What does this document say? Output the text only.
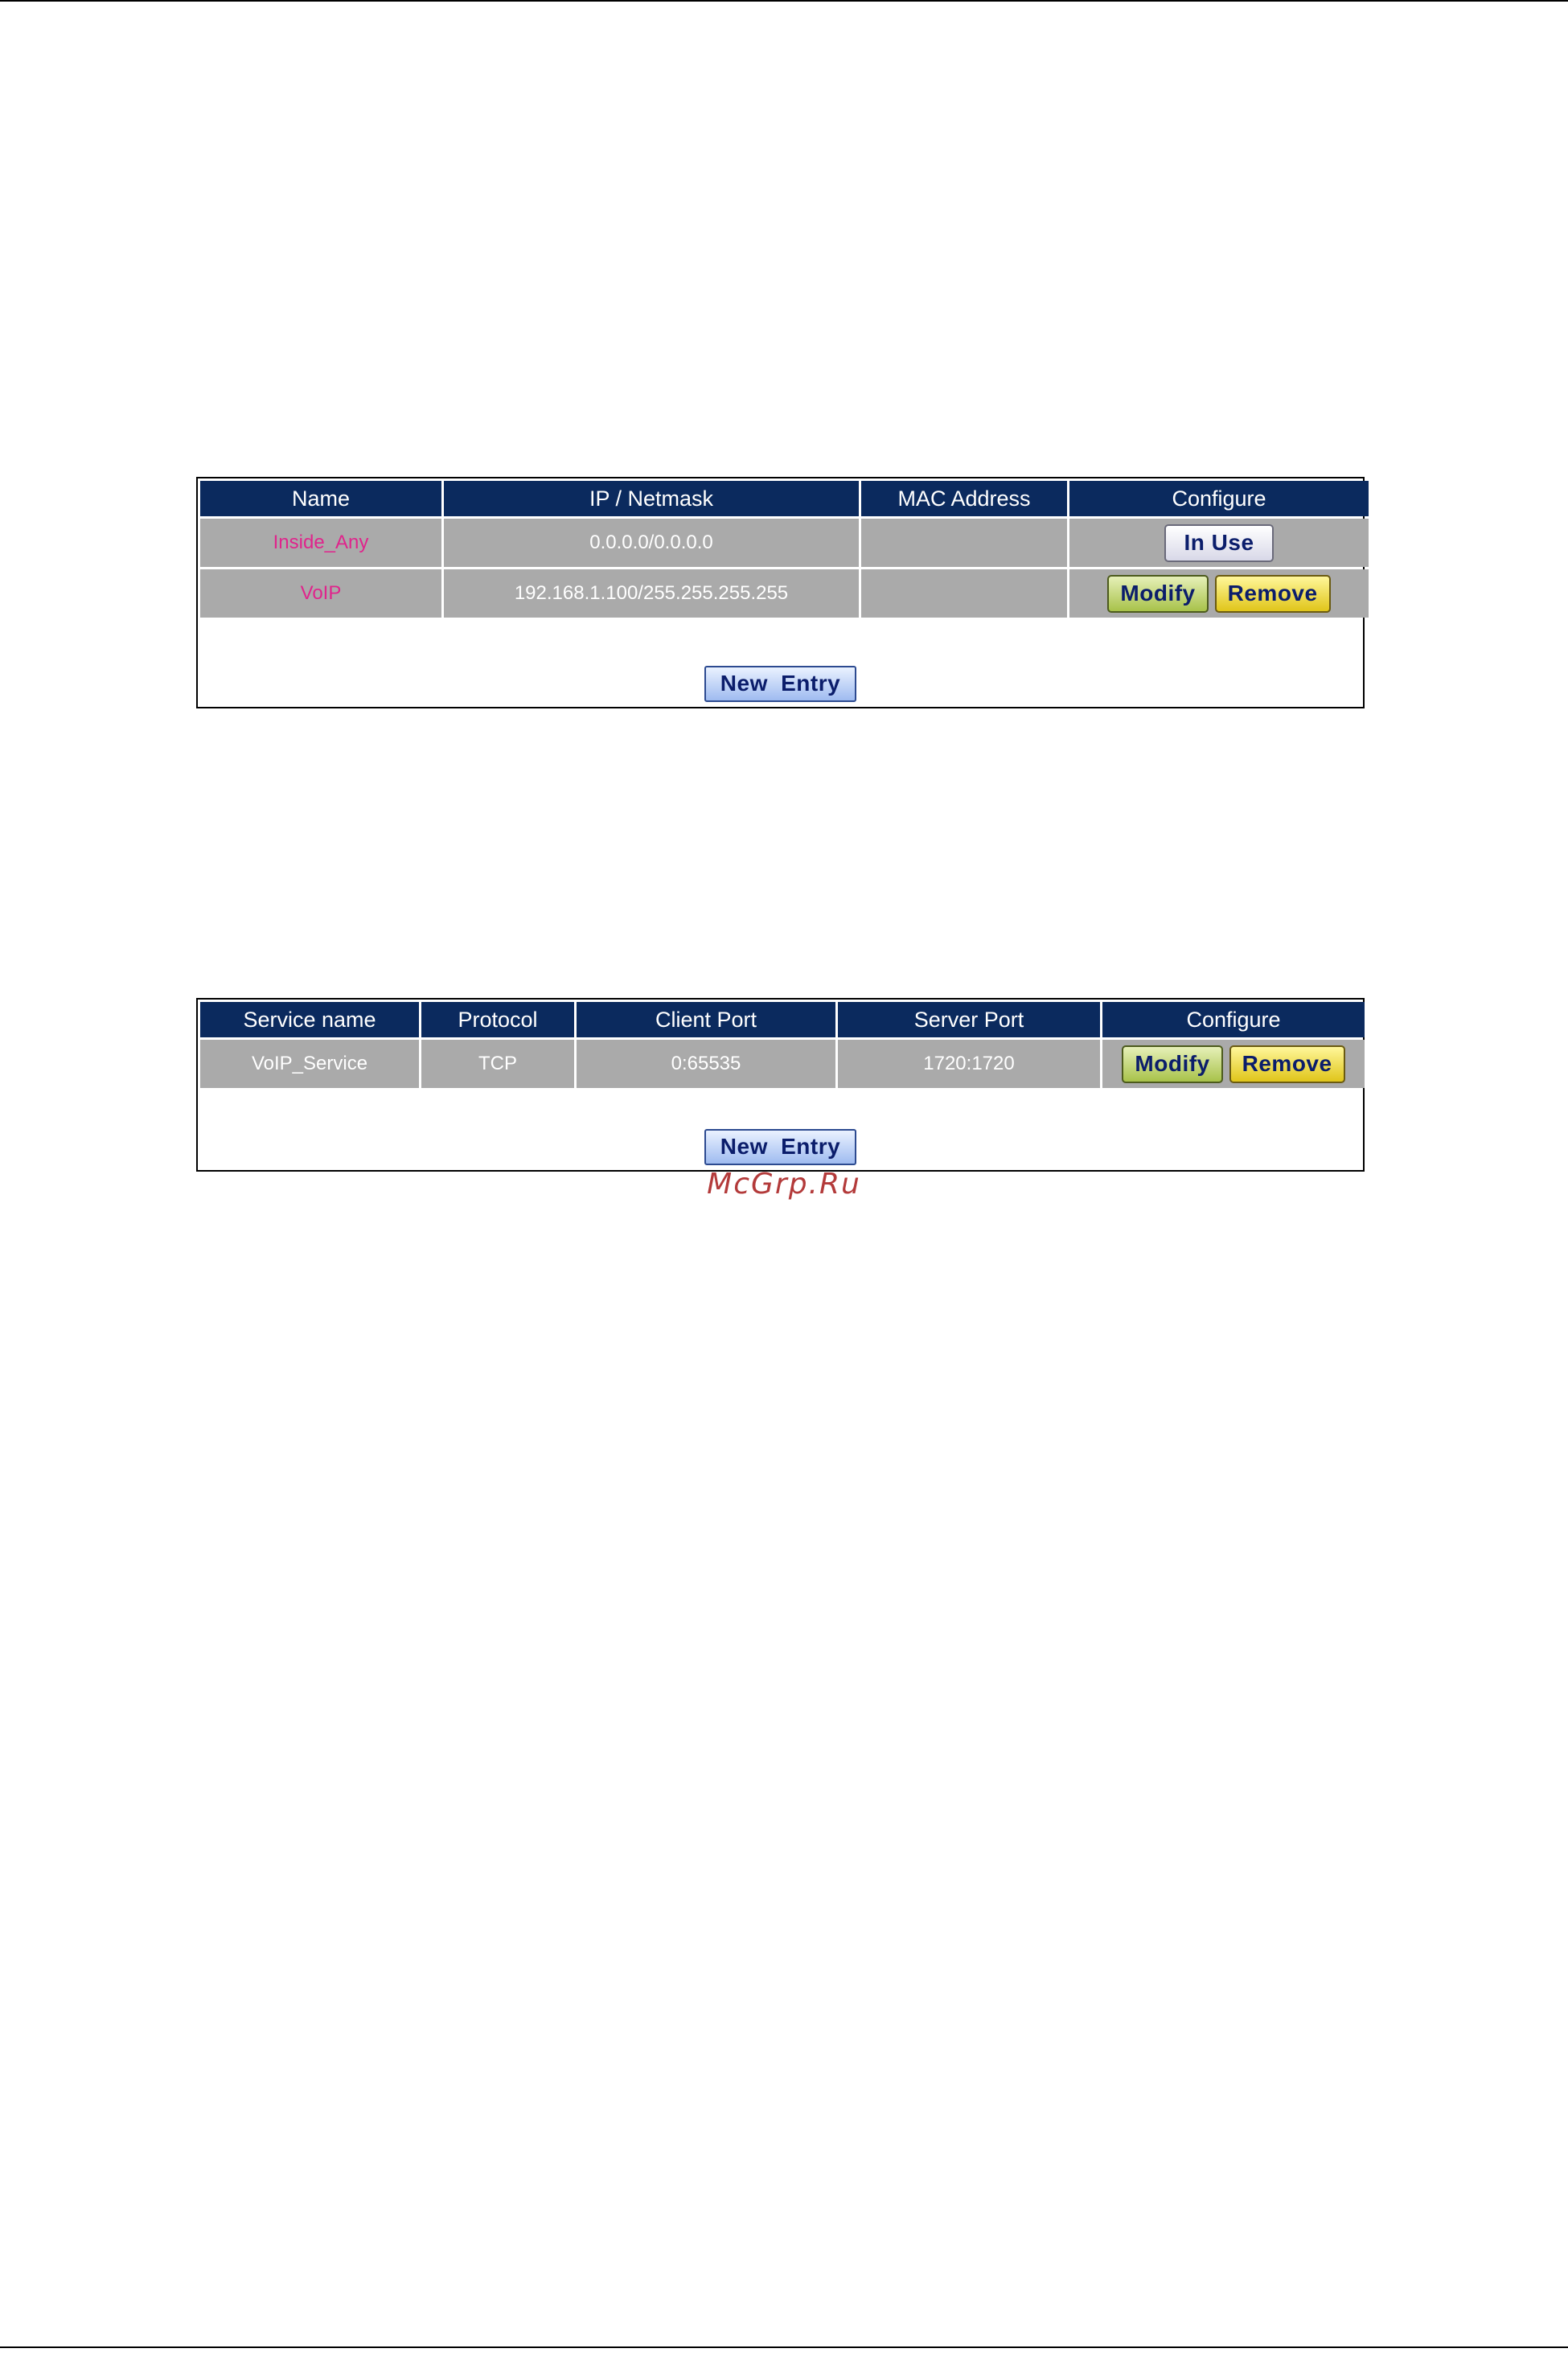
Name	IP / Netmask	MAC Address	Configure
Inside_Any	0.0.0.0/0.0.0.0		In Use
VoIP	192.168.1.100/255.255.255.255		Modify Remove
New Entry
Service name	Protocol	Client Port	Server Port	Configure
VoIP_Service	TCP	0:65535	1720:1720	Modify Remove
New Entry
McGrp.Ru
